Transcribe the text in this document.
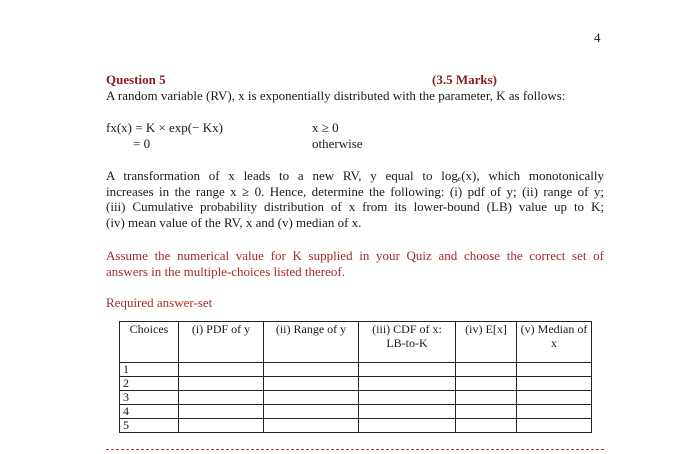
4
Question 5	(3.5 Marks)
A random variable (RV), x is exponentially distributed with the parameter, K as follows:
fx(x) = K × exp(− Kx)	x ≥ 0
= 0	otherwise
A transformation of x leads to a new RV, y equal to logₑ(x), which monotonically
increases in the range x ≥ 0. Hence, determine the following: (i) pdf of y; (ii) range of y;
(iii) Cumulative probability distribution of x from its lower-bound (LB) value up to K;
(iv) mean value of the RV, x and (v) median of x.
Assume the numerical value for K supplied in your Quiz and choose the correct set of
answers in the multiple-choices listed thereof.
Required answer-set
Choices	(i) PDF of y	(ii) Range of y	(iii) CDF of x: LB-to-K	(iv) E[x]	(v) Median of x
1					
2					
3					
4					
5					
